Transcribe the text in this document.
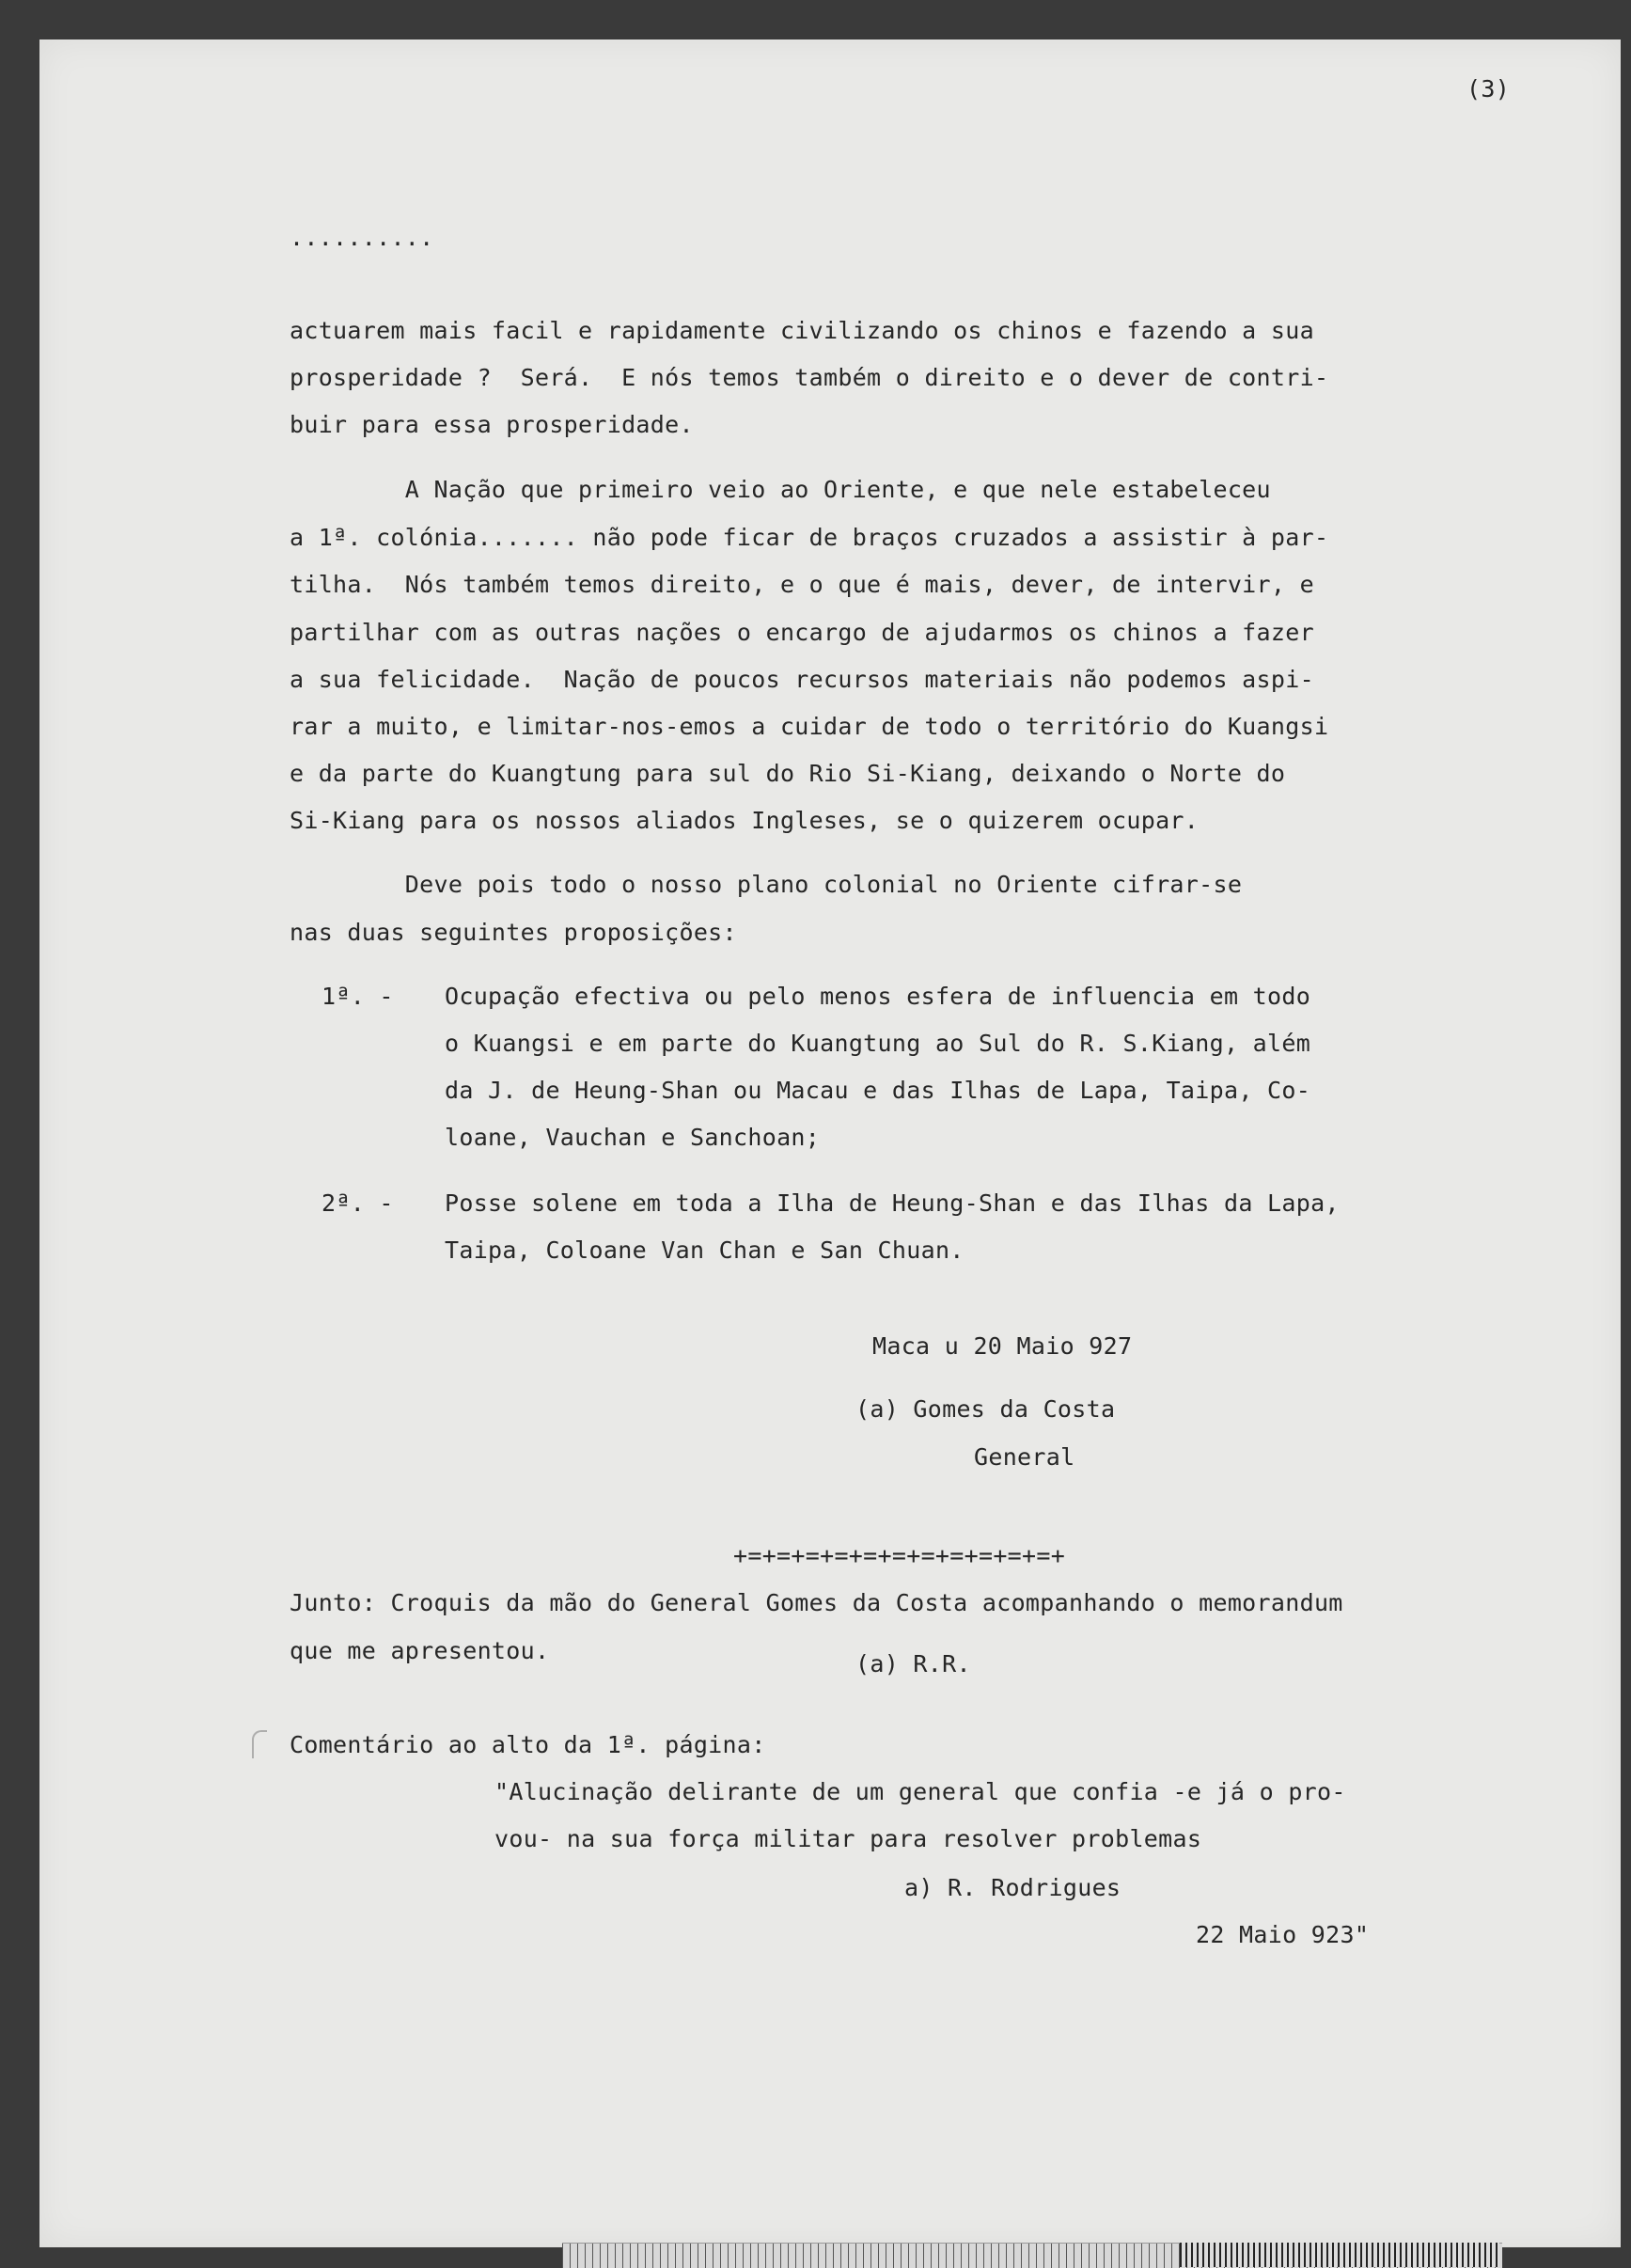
(3)
..........
actuarem mais facil e rapidamente civilizando os chinos e fazendo a sua
prosperidade ?  Será.  E nós temos também o direito e o dever de contri-
buir para essa prosperidade.
A Nação que primeiro veio ao Oriente, e que nele estabeleceu
a 1ª. colónia....... não pode ficar de braços cruzados a assistir à par-
tilha.  Nós também temos direito, e o que é mais, dever, de intervir, e
partilhar com as outras nações o encargo de ajudarmos os chinos a fazer
a sua felicidade.  Nação de poucos recursos materiais não podemos aspi-
rar a muito, e limitar-nos-emos a cuidar de todo o território do Kuangsi
e da parte do Kuangtung para sul do Rio Si-Kiang, deixando o Norte do
Si-Kiang para os nossos aliados Ingleses, se o quizerem ocupar.
Deve pois todo o nosso plano colonial no Oriente cifrar-se
nas duas seguintes proposições:
1ª. - Ocupação efectiva ou pelo menos esfera de influencia em todo
o Kuangsi e em parte do Kuangtung ao Sul do R. S.Kiang, além
da J. de Heung-Shan ou Macau e das Ilhas de Lapa, Taipa, Co-
loane, Vauchan e Sanchoan;
2ª. - Posse solene em toda a Ilha de Heung-Shan e das Ilhas da Lapa,
Taipa, Coloane Van Chan e San Chuan.
Maca u 20 Maio 927
(a) Gomes da Costa
General
+=+=+=+=+=+=+=+=+=+=+=+
Junto: Croquis da mão do General Gomes da Costa acompanhando o memorandum
que me apresentou.	(a) R.R.
Comentário ao alto da 1ª. página:
"Alucinação delirante de um general que confia -e já o pro-
vou- na sua força militar para resolver problemas
a) R. Rodrigues
22 Maio 923"
